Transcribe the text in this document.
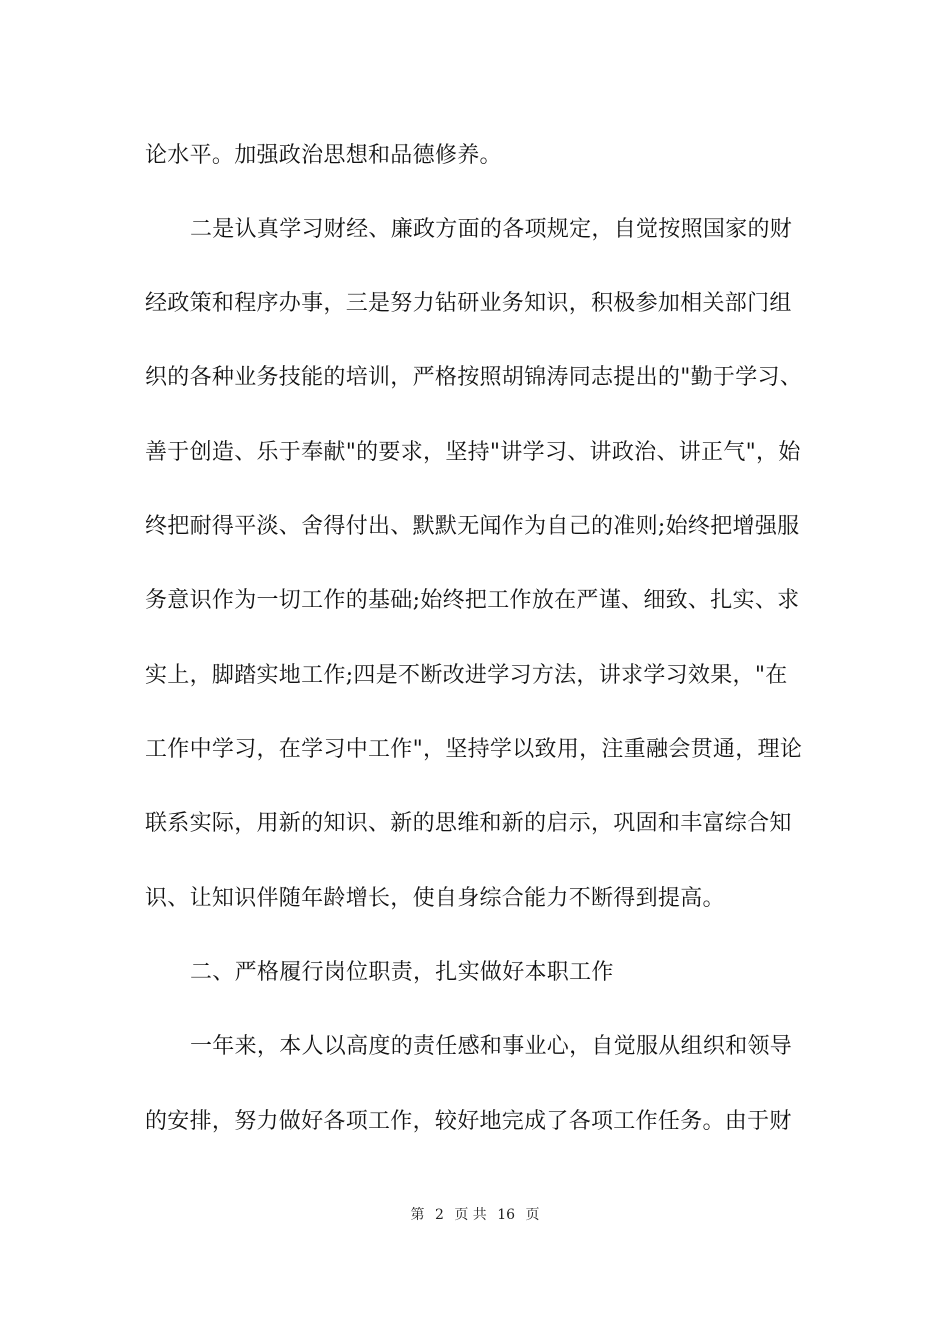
论水平。加强政治思想和品德修养。
二是认真学习财经、廉政方面的各项规定，自觉按照国家的财
经政策和程序办事，三是努力钻研业务知识，积极参加相关部门组
织的各种业务技能的培训，严格按照胡锦涛同志提出的"勤于学习、
善于创造、乐于奉献"的要求，坚持"讲学习、讲政治、讲正气"，始
终把耐得平淡、舍得付出、默默无闻作为自己的准则;始终把增强服
务意识作为一切工作的基础;始终把工作放在严谨、细致、扎实、求
实上，脚踏实地工作;四是不断改进学习方法，讲求学习效果，"在
工作中学习，在学习中工作"，坚持学以致用，注重融会贯通，理论
联系实际，用新的知识、新的思维和新的启示，巩固和丰富综合知
识、让知识伴随年龄增长，使自身综合能力不断得到提高。
二、严格履行岗位职责，扎实做好本职工作
一年来，本人以高度的责任感和事业心，自觉服从组织和领导
的安排，努力做好各项工作，较好地完成了各项工作任务。由于财
第 2 页 共 16 页
